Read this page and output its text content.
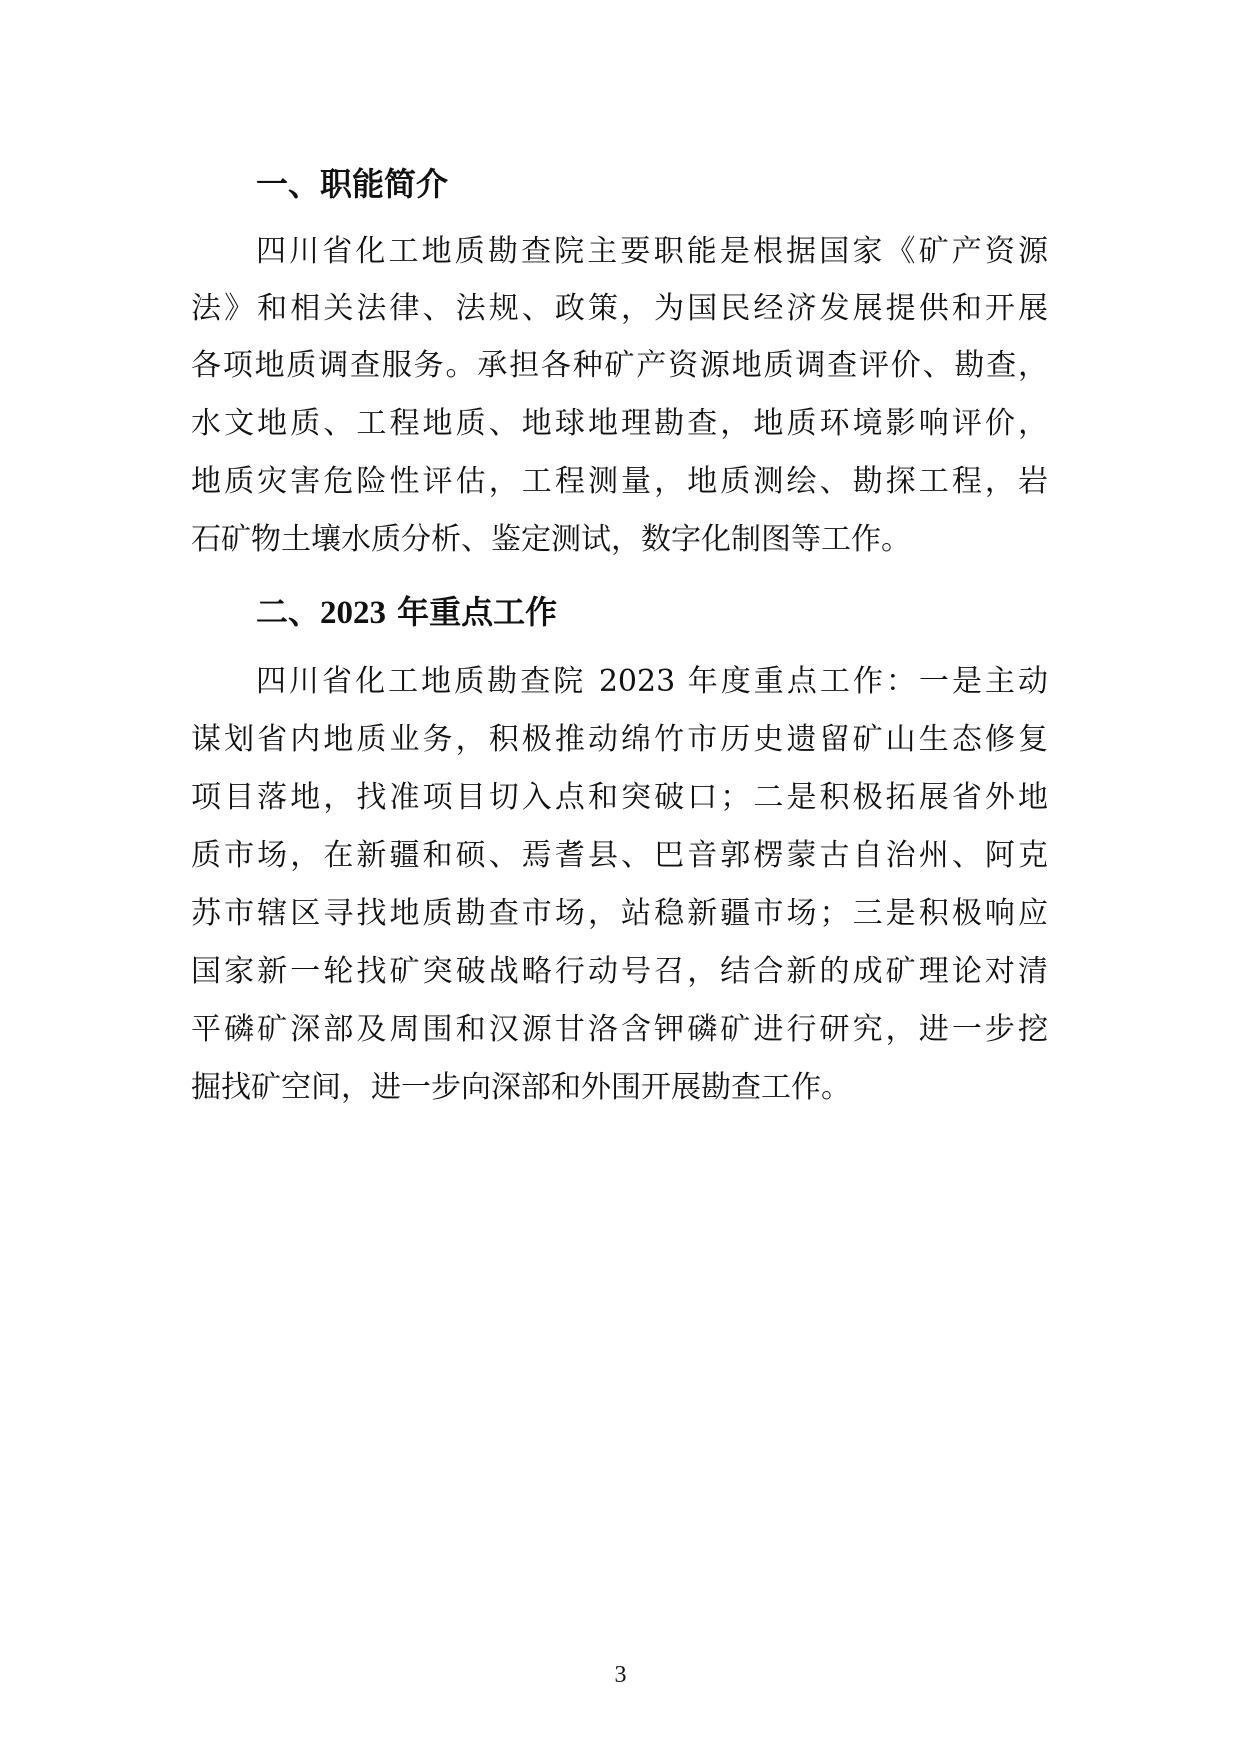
一、职能简介
四川省化工地质勘查院主要职能是根据国家《矿产资源
法》和相关法律、法规、政策，为国民经济发展提供和开展
各项地质调查服务。承担各种矿产资源地质调查评价、勘查，
水文地质、工程地质、地球地理勘查，地质环境影响评价，
地质灾害危险性评估，工程测量，地质测绘、勘探工程，岩
石矿物土壤水质分析、鉴定测试，数字化制图等工作。
二、2023 年重点工作
四川省化工地质勘查院 2023 年度重点工作：一是主动
谋划省内地质业务，积极推动绵竹市历史遗留矿山生态修复
项目落地，找准项目切入点和突破口；二是积极拓展省外地
质市场，在新疆和硕、焉耆县、巴音郭楞蒙古自治州、阿克
苏市辖区寻找地质勘查市场，站稳新疆市场；三是积极响应
国家新一轮找矿突破战略行动号召，结合新的成矿理论对清
平磷矿深部及周围和汉源甘洛含钾磷矿进行研究，进一步挖
掘找矿空间，进一步向深部和外围开展勘查工作。
3
